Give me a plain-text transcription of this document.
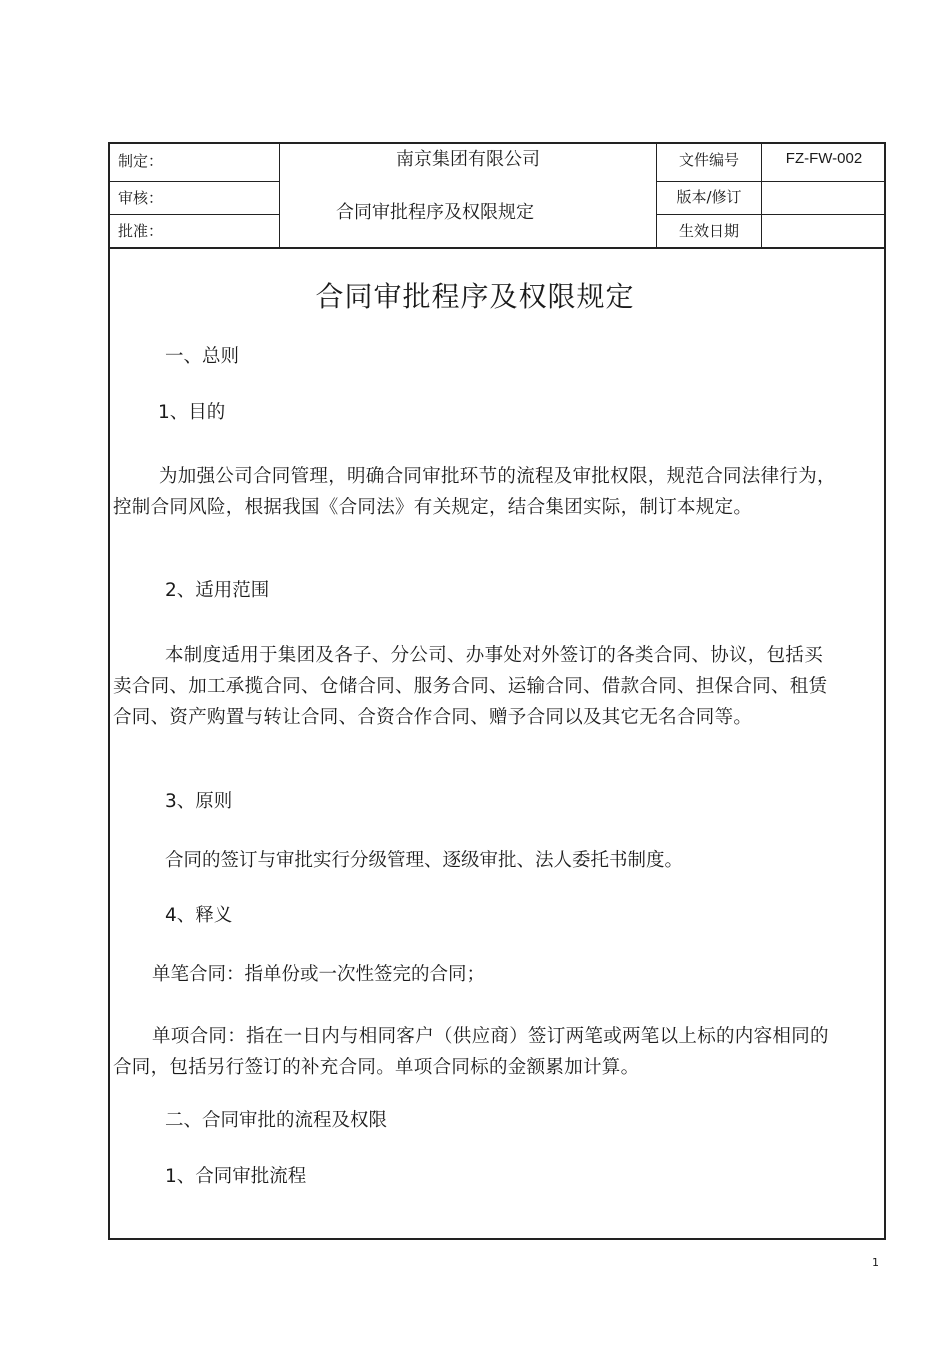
制定：
审核：
批准：
南京集团有限公司
合同审批程序及权限规定
文件编号	FZ-FW-002
版本/修订
生效日期
合同审批程序及权限规定
一、总则
1、目的
为加强公司合同管理，明确合同审批环节的流程及审批权限，规范合同法律行为，控制合同风险，根据我国《合同法》有关规定，结合集团实际，制订本规定。
2、适用范围
本制度适用于集团及各子、分公司、办事处对外签订的各类合同、协议，包括买卖合同、加工承揽合同、仓储合同、服务合同、运输合同、借款合同、担保合同、租赁合同、资产购置与转让合同、合资合作合同、赠予合同以及其它无名合同等。
3、原则
合同的签订与审批实行分级管理、逐级审批、法人委托书制度。
4、释义
单笔合同：指单份或一次性签完的合同；
单项合同：指在一日内与相同客户（供应商）签订两笔或两笔以上标的内容相同的合同，包括另行签订的补充合同。单项合同标的金额累加计算。
二、合同审批的流程及权限
1、合同审批流程
1
